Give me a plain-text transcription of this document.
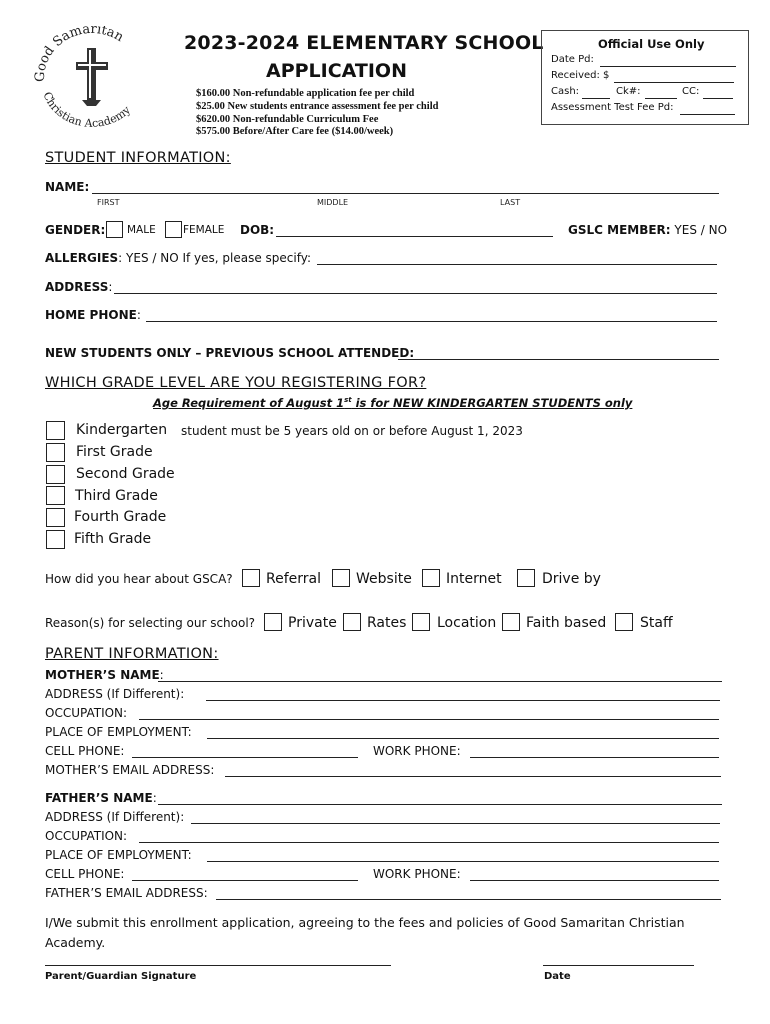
Good Samaritan
Christian Academy
2023-2024 ELEMENTARY SCHOOL
APPLICATION
$160.00 Non-refundable application fee per child
$25.00 New students entrance assessment fee per child
$620.00 Non-refundable Curriculum Fee
$575.00 Before/After Care fee ($14.00/week)
Official Use Only
Date Pd:
Received: $
Cash:	Ck#:	CC:
Assessment Test Fee Pd:
STUDENT INFORMATION:
NAME:
FIRST	MIDDLE	LAST
GENDER: MALE	FEMALE DOB:	GSLC MEMBER: YES / NO
ALLERGIES: YES / NO If yes, please specify:
ADDRESS:
HOME PHONE:
NEW STUDENTS ONLY – PREVIOUS SCHOOL ATTENDED:
WHICH GRADE LEVEL ARE YOU REGISTERING FOR?
Age Requirement of August 1st is for NEW KINDERGARTEN STUDENTS only
Kindergarten student must be 5 years old on or before August 1, 2023
First Grade
Second Grade
Third Grade
Fourth Grade
Fifth Grade
How did you hear about GSCA? Referral	Website Internet	Drive by
Reason(s) for selecting our school? Private Rates Location Faith based Staff
PARENT INFORMATION:
MOTHER’S NAME:
ADDRESS (If Different):
OCCUPATION:
PLACE OF EMPLOYMENT:
CELL PHONE:	WORK PHONE:
MOTHER’S EMAIL ADDRESS:
FATHER’S NAME:
ADDRESS (If Different):
OCCUPATION:
PLACE OF EMPLOYMENT:
CELL PHONE:	WORK PHONE:
FATHER’S EMAIL ADDRESS:
I/We submit this enrollment application, agreeing to the fees and policies of Good Samaritan Christian Academy.
Parent/Guardian Signature	Date
